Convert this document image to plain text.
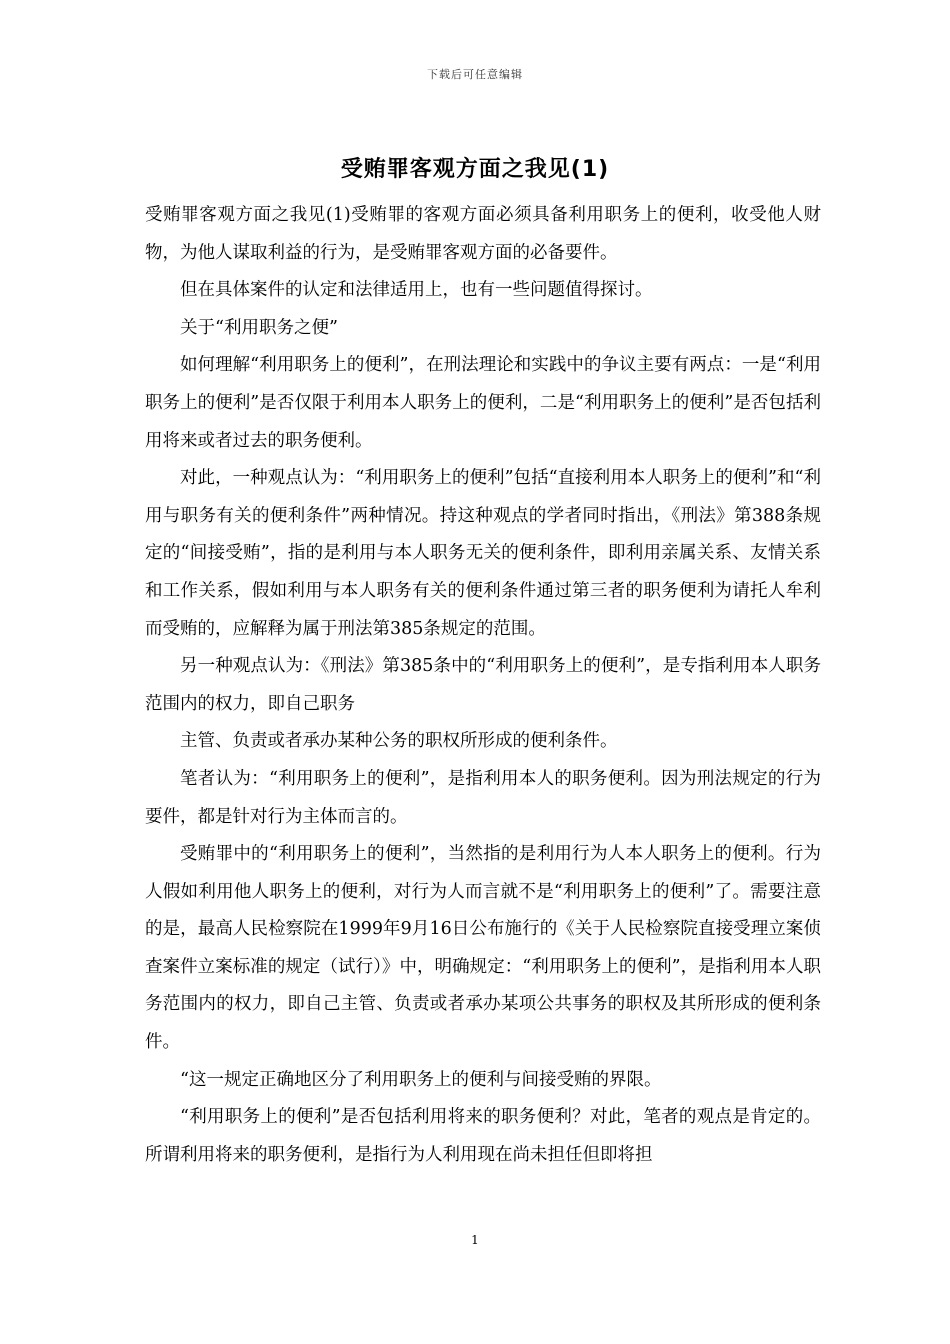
下载后可任意编辑
受贿罪客观方面之我见(1)

受贿罪客观方面之我见(1)受贿罪的客观方面必须具备利用职务上的便利，收受他人财物，为他人谋取利益的行为，是受贿罪客观方面的必备要件。

但在具体案件的认定和法律适用上，也有一些问题值得探讨。

关于“利用职务之便”

如何理解“利用职务上的便利”，在刑法理论和实践中的争议主要有两点：一是“利用职务上的便利”是否仅限于利用本人职务上的便利，二是“利用职务上的便利”是否包括利用将来或者过去的职务便利。

对此，一种观点认为：“利用职务上的便利”包括“直接利用本人职务上的便利”和“利用与职务有关的便利条件”两种情况。持这种观点的学者同时指出，《刑法》第388条规定的“间接受贿”，指的是利用与本人职务无关的便利条件，即利用亲属关系、友情关系和工作关系，假如利用与本人职务有关的便利条件通过第三者的职务便利为请托人牟利而受贿的，应解释为属于刑法第385条规定的范围。

另一种观点认为：《刑法》第385条中的“利用职务上的便利”，是专指利用本人职务范围内的权力，即自己职务

主管、负责或者承办某种公务的职权所形成的便利条件。

笔者认为：“利用职务上的便利”，是指利用本人的职务便利。因为刑法规定的行为要件，都是针对行为主体而言的。

受贿罪中的“利用职务上的便利”，当然指的是利用行为人本人职务上的便利。行为人假如利用他人职务上的便利，对行为人而言就不是“利用职务上的便利”了。需要注意的是，最高人民检察院在1999年9月16日公布施行的《关于人民检察院直接受理立案侦查案件立案标准的规定（试行）》中，明确规定：“利用职务上的便利”，是指利用本人职务范围内的权力，即自己主管、负责或者承办某项公共事务的职权及其所形成的便利条件。

“这一规定正确地区分了利用职务上的便利与间接受贿的界限。

“利用职务上的便利”是否包括利用将来的职务便利？对此，笔者的观点是肯定的。所谓利用将来的职务便利，是指行为人利用现在尚未担任但即将担

1
